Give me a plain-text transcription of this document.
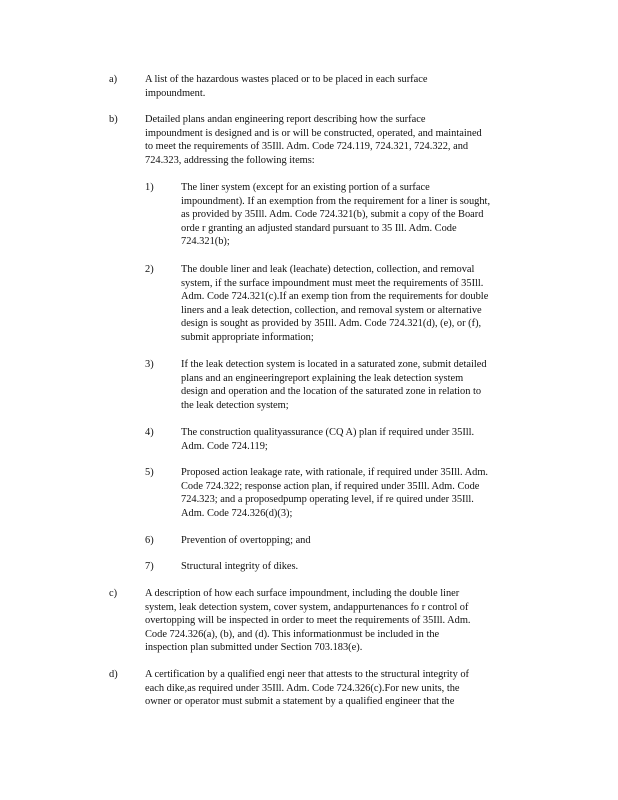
a)	A list of the hazardous wastes placed or to be placed in each surface
impoundment.
b)	Detailed plans andan engineering report describing how the surface
impoundment is designed and is or will be constructed, operated, and maintained
to meet the requirements of 35Ill. Adm. Code 724.119, 724.321, 724.322, and
724.323, addressing the following items:
1)	The liner system (except for an existing portion of a surface
impoundment). If an exemption from the requirement for a liner is sought,
as provided by 35Ill. Adm. Code 724.321(b), submit a copy of the Board
orde r granting an adjusted standard pursuant to 35 Ill. Adm. Code
724.321(b);
2)	The double liner and leak (leachate) detection, collection, and removal
system, if the surface impoundment must meet the requirements of 35Ill.
Adm. Code 724.321(c).If an exemp tion from the requirements for double
liners and a leak detection, collection, and removal system or alternative
design is sought as provided by 35Ill. Adm. Code 724.321(d), (e), or (f),
submit appropriate information;
3)	If the leak detection system is located in a saturated zone, submit detailed
plans and an engineeringreport explaining the leak detection system
design and operation and the location of the saturated zone in relation to
the leak detection system;
4)	The construction qualityassurance (CQ A) plan if required under 35Ill.
Adm. Code 724.119;
5)	Proposed action leakage rate, with rationale, if required under 35Ill. Adm.
Code 724.322; response action plan, if required under 35Ill. Adm. Code
724.323; and a proposedpump operating level, if re quired under 35Ill.
Adm. Code 724.326(d)(3);
6)	Prevention of overtopping; and
7)	Structural integrity of dikes.
c)	A description of how each surface impoundment, including the double liner
system, leak detection system, cover system, andappurtenances fo r control of
overtopping will be inspected in order to meet the requirements of 35Ill. Adm.
Code 724.326(a), (b), and (d). This informationmust be included in the
inspection plan submitted under Section 703.183(e).
d)	A certification by a qualified engi neer that attests to the structural integrity of
each dike,as required under 35Ill. Adm. Code 724.326(c).For new units, the
owner or operator must submit a statement by a qualified engineer that the
